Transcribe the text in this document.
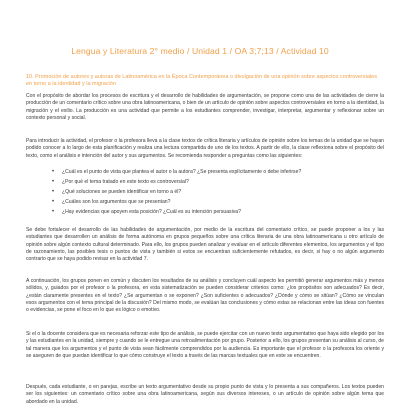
Lengua y Literatura 2° medio / Unidad 1 / OA 3;7;13 / Actividad 10

10. Promoción de autores y autoras de Latinoamérica en la Época Contemporánea o divulgación de una opinión sobre aspectos controversiales en torno a la identidad y la migración

Con el propósito de abordar los procesos de escritura y el desarrollo de habilidades de argumentación, se propone como una de las actividades de cierre la producción de un comentario crítico sobre una obra latinoamericana, o bien de un artículo de opinión sobre aspectos controversiales en torno a la identidad, la migración y el exilio. La producción es una actividad que permite a los estudiantes comprender, investigar, interpretar, argumentar y reflexionar sobre un contexto personal y social.

Para introducir la actividad, el profesor o la profesora lleva a la clase textos de crítica literaria y artículos de opinión sobre los temas de la unidad que se hayan podido conocer a lo largo de esta planificación y realiza una lectura compartida de uno de los textos. A partir de ello, la clase reflexiona sobre el propósito del texto, como el análisis e intención del autor y sus argumentos. Se recomienda responder a preguntas como las siguientes:

• ¿Cuál es el punto de vista que plantea el autor o la autora? ¿Se presenta explícitamente o debe inferirse?
• ¿Por qué el tema tratado en este texto es controversial?
• ¿Qué soluciones se pueden identificar en torno a él?
• ¿Cuáles son los argumentos que se presentan?
• ¿Hay evidencias que apoyen esta posición? ¿Cuál es su intención persuasiva?

Se debe fortalecer el desarrollo de las habilidades de argumentación, por medio de la escritura del comentario crítico, se puede proponer a los y las estudiantes que desarrollen un análisis de forma autónoma en grupos pequeños sobre una crítica literaria de una obra latinoamericana u otro artículo de opinión sobre algún contexto cultural determinado. Para ello, los grupos pueden analizar y evaluar en el artículo diferentes elementos, los argumentos y el tipo de razonamiento, las posibles tesis o puntos de vista y también si estos se encuentran suficientemente refutados, es decir, si hay o no algún argumento contrario que se haya podido revisar en la actividad 7.

A continuación, los grupos ponen en común y discuten los resultados de su análisis y concluyen cuál aspecto les permitió generar argumentos más y menos sólidos, y, guiados por el profesor o la profesora, en esta sistematización se pueden considerar criterios como: ¿los propósitos son adecuados? Es decir, ¿están claramente presentes en el texto? ¿Se argumentan o se exponen? ¿Son suficientes o adecuados? ¿Dónde y cómo se sitúan? ¿Cómo se vinculan esos argumentos con el tema principal de la discusión? Del mismo modo, se evalúan las conclusiones y cómo estas se relacionan entre las ideas con fuentes o evidencias, se pone el foco en lo que es lógico o emotivo.

Si el o la docente considera que es necesaria reforzar este tipo de análisis, se puede ejercitar con un nuevo texto argumentativo que haya sido elegido por los y las estudiantes en la unidad, siempre y cuando se le entregue una retroalimentación por grupo. Posterior a ello, los grupos presentan su análisis al curso, de tal manera que los argumentos y el punto de vista sean fácilmente comprendidos por la audiencia. Es importante que el profesor o la profesora los oriente y se aseguren de que puedan identificar lo que cómo construye el texto a través de las marcas textuales que en este se encuentren.

Después, cada estudiante, o en parejas, escribe un texto argumentativo desde su propio punto de vista y lo presenta a sus compañeros. Los textos pueden ser los siguientes: un comentario crítico sobre una obra latinoamericana, según sus diversos intereses, o un artículo de opinión sobre algún tema que abordado en la unidad.
